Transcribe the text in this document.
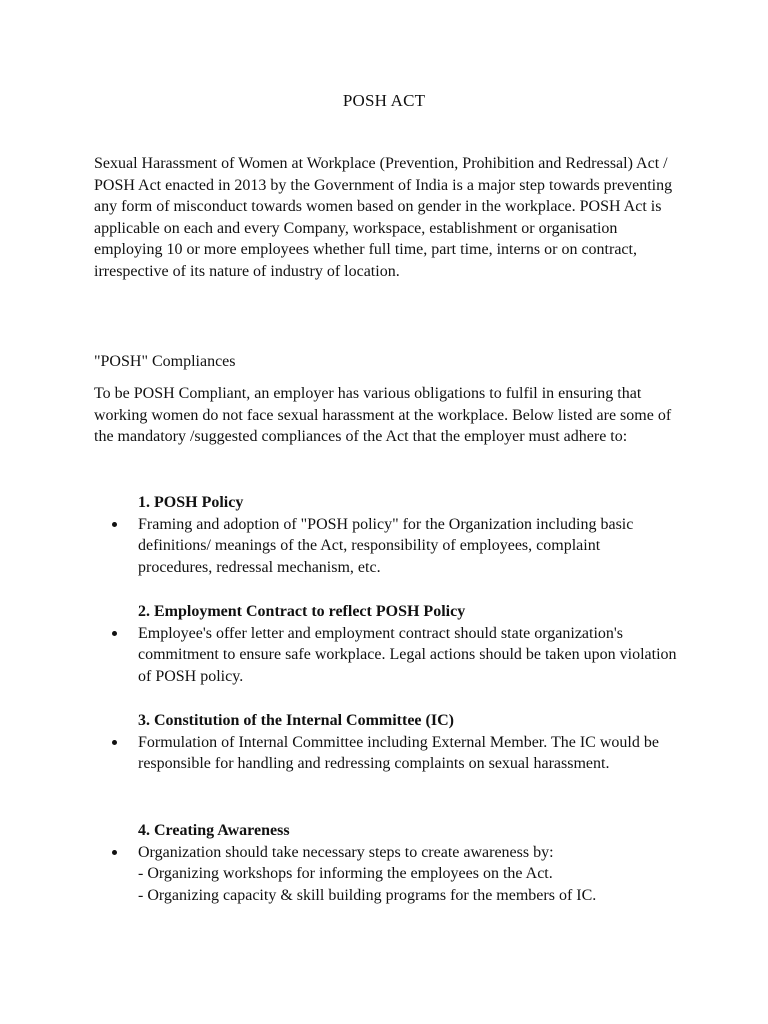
POSH ACT
Sexual Harassment of Women at Workplace (Prevention, Prohibition and Redressal) Act / POSH Act enacted in 2013 by the Government of India is a major step towards preventing any form of misconduct towards women based on gender in the workplace. POSH Act is applicable on each and every Company, workspace, establishment or organisation employing 10 or more employees whether full time, part time, interns or on contract, irrespective of its nature of industry of location.
"POSH" Compliances
To be POSH Compliant, an employer has various obligations to fulfil in ensuring that working women do not face sexual harassment at the workplace. Below listed are some of the mandatory /suggested compliances of the Act that the employer must adhere to:
1. POSH Policy
Framing and adoption of "POSH policy" for the Organization including basic definitions/ meanings of the Act, responsibility of employees, complaint procedures, redressal mechanism, etc.
2. Employment Contract to reflect POSH Policy
Employee's offer letter and employment contract should state organization's commitment to ensure safe workplace. Legal actions should be taken upon violation of POSH policy.
3. Constitution of the Internal Committee (IC)
Formulation of Internal Committee including External Member. The IC would be responsible for handling and redressing complaints on sexual harassment.
4. Creating Awareness
Organization should take necessary steps to create awareness by:
- Organizing workshops for informing the employees on the Act.
- Organizing capacity & skill building programs for the members of IC.
